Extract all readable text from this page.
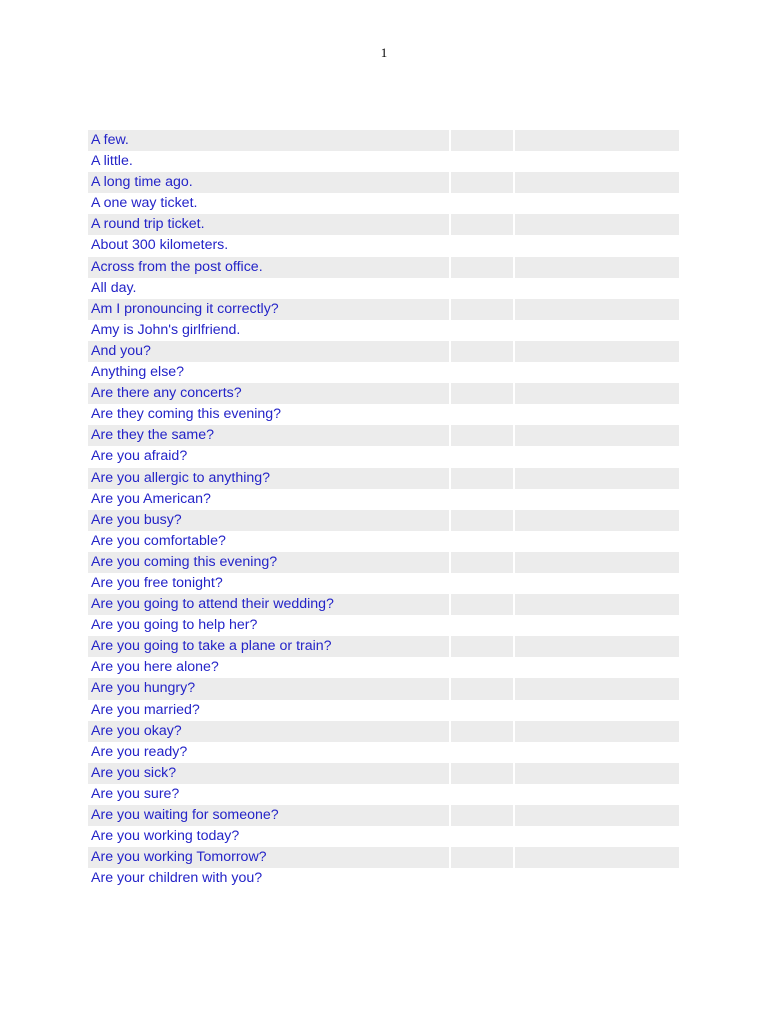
1
A few.
A little.
A long time ago.
A one way ticket.
A round trip ticket.
About 300 kilometers.
Across from the post office.
All day.
Am I pronouncing it correctly?
Amy is John's girlfriend.
And you?
Anything else?
Are there any concerts?
Are they coming this evening?
Are they the same?
Are you afraid?
Are you allergic to anything?
Are you American?
Are you busy?
Are you comfortable?
Are you coming this evening?
Are you free tonight?
Are you going to attend their wedding?
Are you going to help her?
Are you going to take a plane or train?
Are you here alone?
Are you hungry?
Are you married?
Are you okay?
Are you ready?
Are you sick?
Are you sure?
Are you waiting for someone?
Are you working today?
Are you working Tomorrow?
Are your children with you?
